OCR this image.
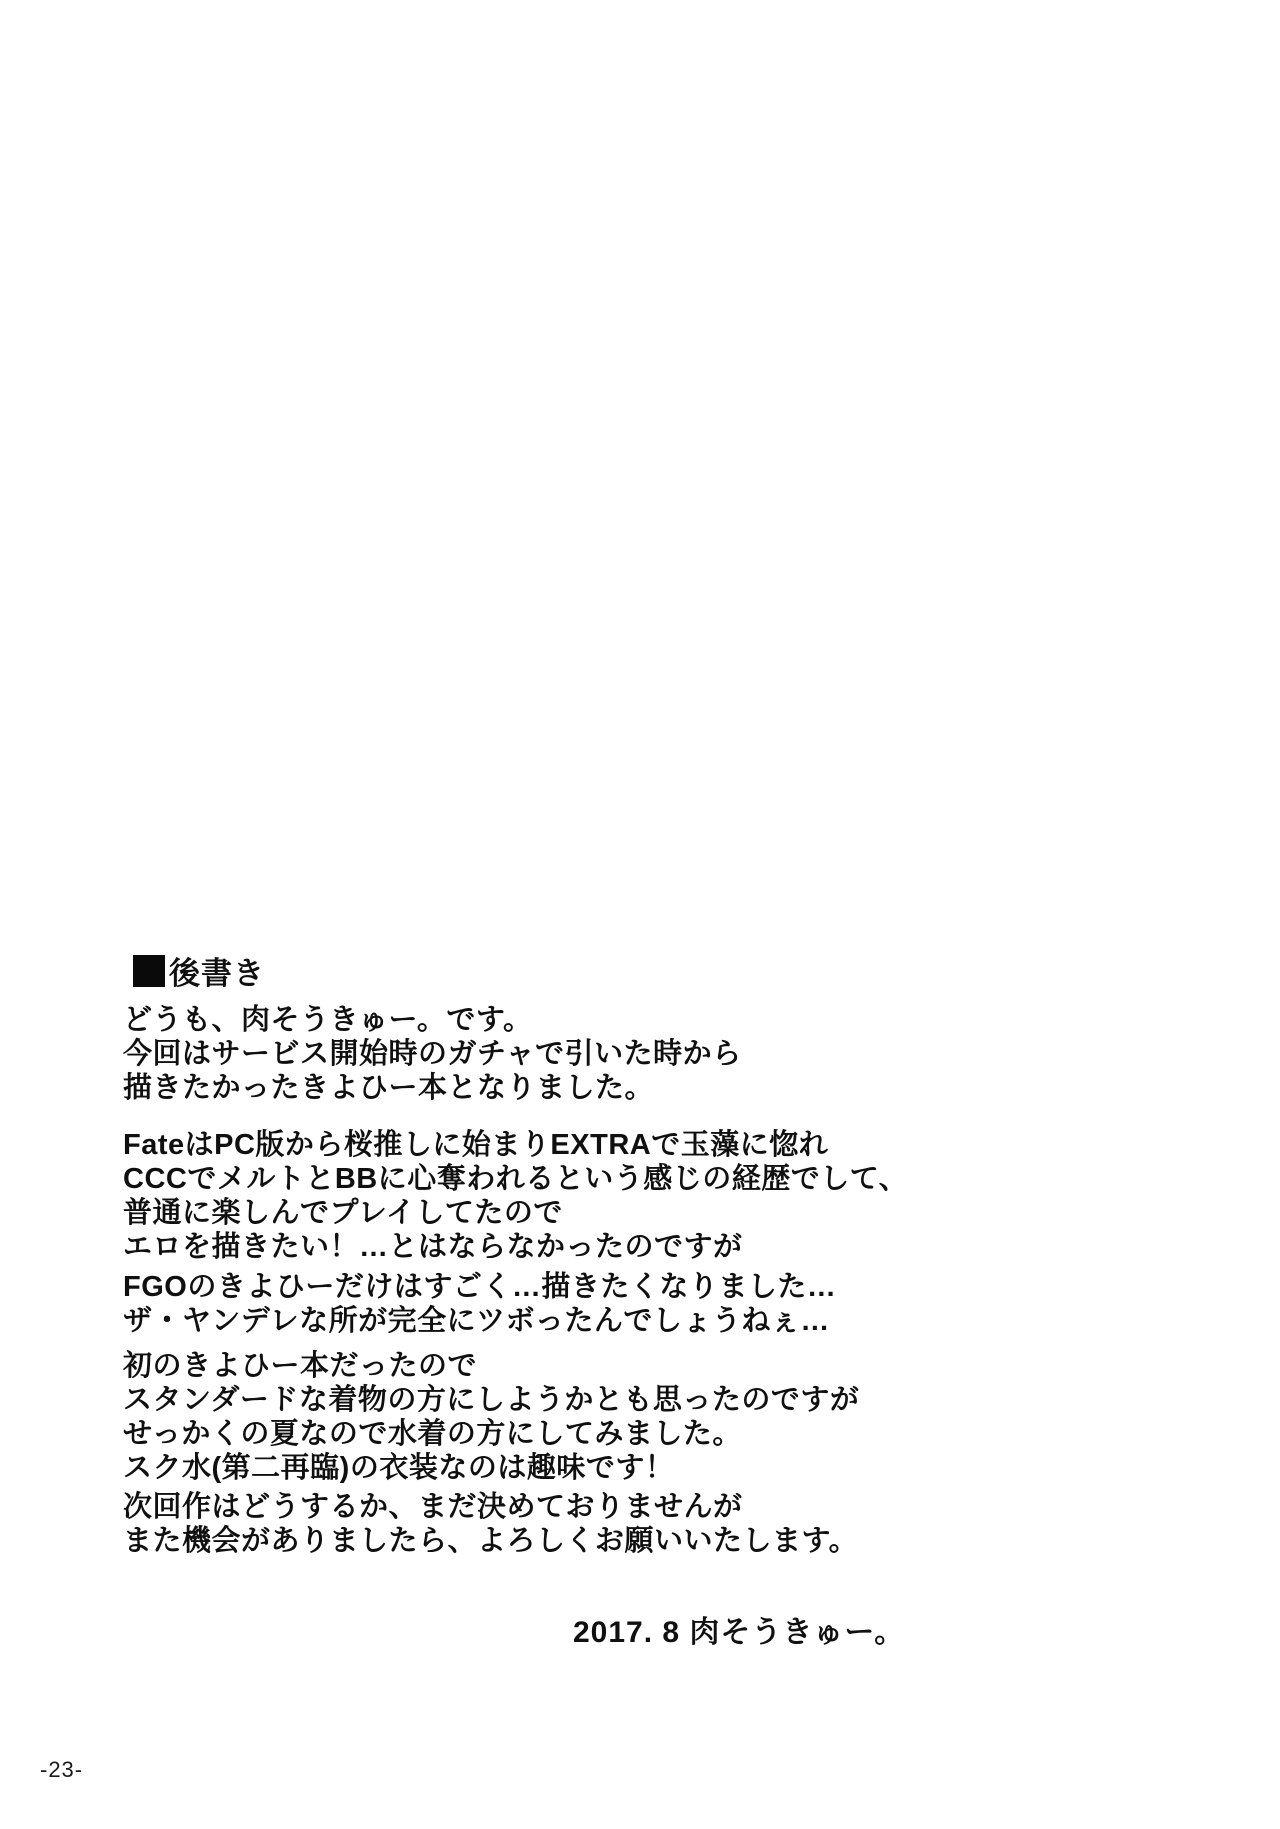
後書き
どうも、肉そうきゅー。です。
今回はサービス開始時のガチャで引いた時から
描きたかったきよひー本となりました。
FateはPC版から桜推しに始まりEXTRAで玉藻に惚れ
CCCでメルトとBBに心奪われるという感じの経歴でして、
普通に楽しんでプレイしてたので
エロを描きたい！…とはならなかったのですが
FGOのきよひーだけはすごく…描きたくなりました…
ザ・ヤンデレな所が完全にツボったんでしょうねぇ…
初のきよひー本だったので
スタンダードな着物の方にしようかとも思ったのですが
せっかくの夏なので水着の方にしてみました。
スク水(第二再臨)の衣装なのは趣味です！
次回作はどうするか、まだ決めておりませんが
また機会がありましたら、よろしくお願いいたします。
2017. 8 肉そうきゅー。
-23-
